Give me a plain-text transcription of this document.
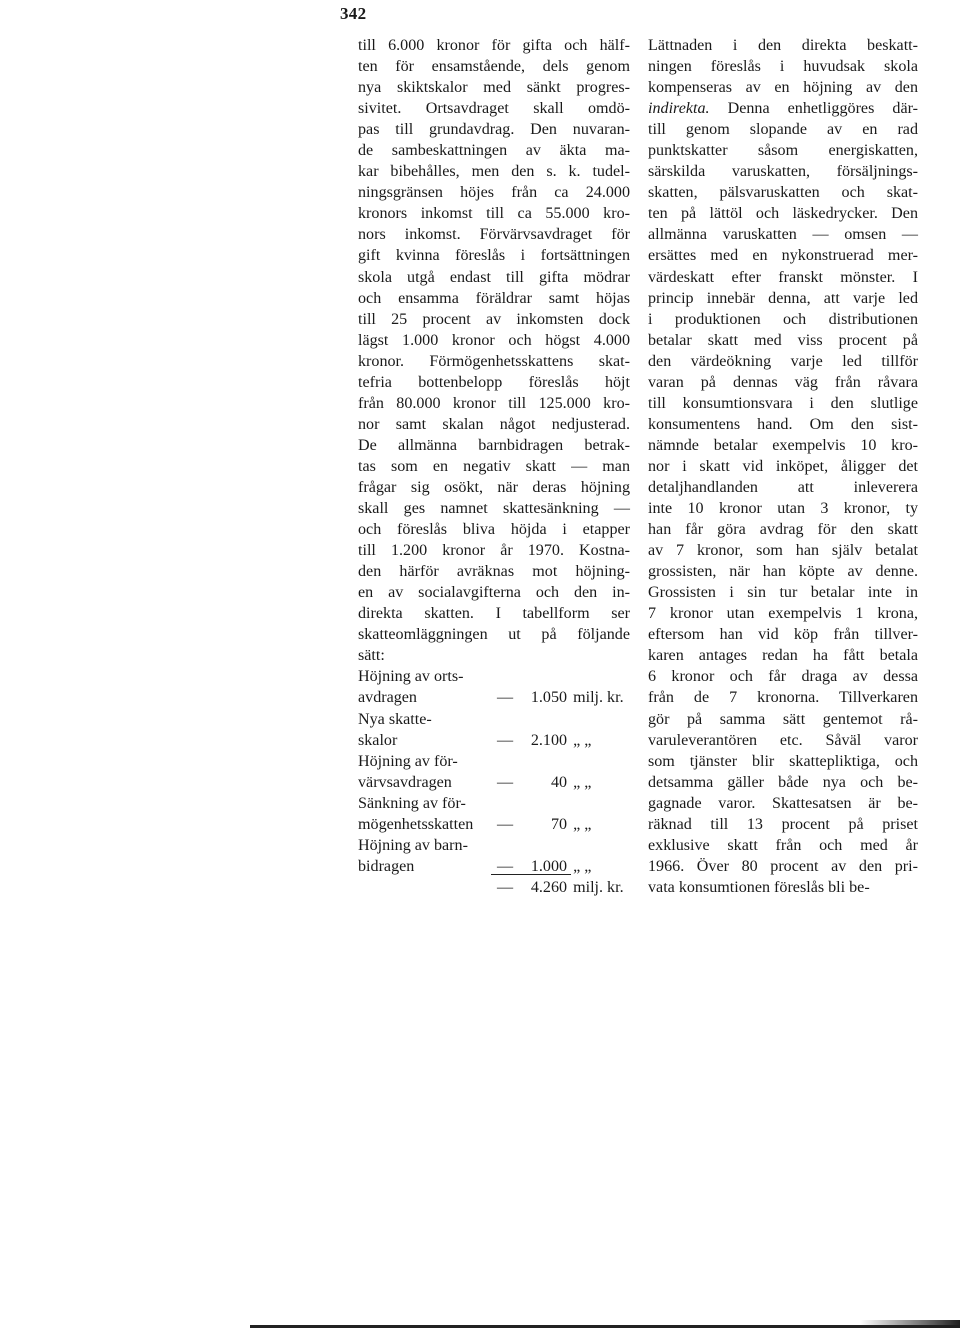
342
till 6.000 kronor för gifta och hälf-
ten för ensamstående, dels genom
nya skiktskalor med sänkt progres-
sivitet. Ortsavdraget skall omdö-
pas till grundavdrag. Den nuvaran-
de sambeskattningen av äkta ma-
kar bibehålles, men den s. k. tudel-
ningsgränsen höjes från ca 24.000
kronors inkomst till ca 55.000 kro-
nors inkomst. Förvärvsavdraget för
gift kvinna föreslås i fortsättningen
skola utgå endast till gifta mödrar
och ensamma föräldrar samt höjas
till 25 procent av inkomsten dock
lägst 1.000 kronor och högst 4.000
kronor. Förmögenhetsskattens skat-
tefria bottenbelopp föreslås höjt
från 80.000 kronor till 125.000 kro-
nor samt skalan något nedjusterad.
De allmänna barnbidragen betrak-
tas som en negativ skatt — man
frågar sig osökt, när deras höjning
skall ges namnet skattesänkning —
och föreslås bliva höjda i etapper
till 1.200 kronor år 1970. Kostna-
den härför avräknas mot höjning-
en av socialavgifterna och den in-
direkta skatten. I tabellform ser
skatteomläggningen ut på följande
sätt:
Höjning av orts-
avdragen	—	1.050 milj. kr.
Nya skatte-
skalor	—	2.100 „ „
Höjning av för-
värvsavdragen	—	40 „ „
Sänkning av för-
mögenhetsskatten	—	70 „ „
Höjning av barn-
bidragen	—	1.000 „ „
—	4.260 milj. kr.
Lättnaden i den direkta beskatt-
ningen föreslås i huvudsak skola
kompenseras av en höjning av den
indirekta. Denna enhetliggöres där-
till genom slopande av en rad
punktskatter såsom energiskatten,
särskilda varuskatten, försäljnings-
skatten, pälsvaruskatten och skat-
ten på lättöl och läskedrycker. Den
allmänna varuskatten — omsen —
ersättes med en nykonstruerad mer-
värdeskatt efter franskt mönster. I
princip innebär denna, att varje led
i produktionen och distributionen
betalar skatt med viss procent på
den värdeökning varje led tillför
varan på dennas väg från råvara
till konsumtionsvara i den slutlige
konsumentens hand. Om den sist-
nämnde betalar exempelvis 10 kro-
nor i skatt vid inköpet, åligger det
detaljhandlanden att inleverera
inte 10 kronor utan 3 kronor, ty
han får göra avdrag för den skatt
av 7 kronor, som han själv betalat
grossisten, när han köpte av denne.
Grossisten i sin tur betalar inte in
7 kronor utan exempelvis 1 krona,
eftersom han vid köp från tillver-
karen antages redan ha fått betala
6 kronor och får draga av dessa
från de 7 kronorna. Tillverkaren
gör på samma sätt gentemot rå-
varuleverantören etc. Såväl varor
som tjänster blir skattepliktiga, och
detsamma gäller både nya och be-
gagnade varor. Skattesatsen är be-
räknad till 13 procent på priset
exklusive skatt från och med år
1966. Över 80 procent av den pri-
vata konsumtionen föreslås bli be-
